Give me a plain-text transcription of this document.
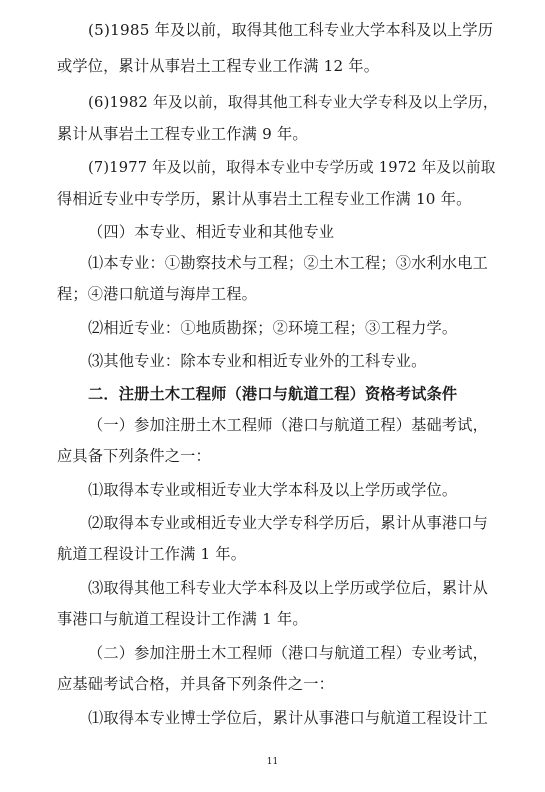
(5)1985 年及以前，取得其他工科专业大学本科及以上学历
或学位，累计从事岩土工程专业工作满 12 年。
(6)1982 年及以前，取得其他工科专业大学专科及以上学历，
累计从事岩土工程专业工作满 9 年。
(7)1977 年及以前，取得本专业中专学历或 1972 年及以前取
得相近专业中专学历，累计从事岩土工程专业工作满 10 年。
（四）本专业、相近专业和其他专业
⑴本专业：①勘察技术与工程；②土木工程；③水利水电工
程；④港口航道与海岸工程。
⑵相近专业：①地质勘探；②环境工程；③工程力学。
⑶其他专业：除本专业和相近专业外的工科专业。
二．注册土木工程师（港口与航道工程）资格考试条件
（一）参加注册土木工程师（港口与航道工程）基础考试，
应具备下列条件之一：
⑴取得本专业或相近专业大学本科及以上学历或学位。
⑵取得本专业或相近专业大学专科学历后，累计从事港口与
航道工程设计工作满 1 年。
⑶取得其他工科专业大学本科及以上学历或学位后，累计从
事港口与航道工程设计工作满 1 年。
（二）参加注册土木工程师（港口与航道工程）专业考试，
应基础考试合格，并具备下列条件之一：
⑴取得本专业博士学位后，累计从事港口与航道工程设计工
11
